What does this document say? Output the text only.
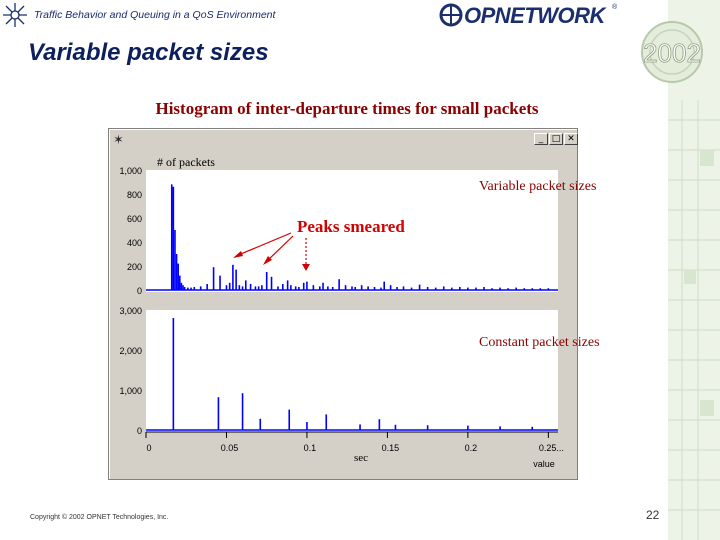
Traffic Behavior and Queuing in a QoS Environment	OPNETWORK ®
2002
Variable packet sizes
Histogram of inter-departure times for small packets
✶	_ □ ✕
1,000
800
600
400
200
0
3,000
2,000
1,000
0
0	0.05	0.1	0.15	0.2	0.25...
sec	value
# of packets
Variable packet sizes
Constant packet sizes
Peaks smeared
Copyright © 2002 OPNET Technologies, Inc.	22
